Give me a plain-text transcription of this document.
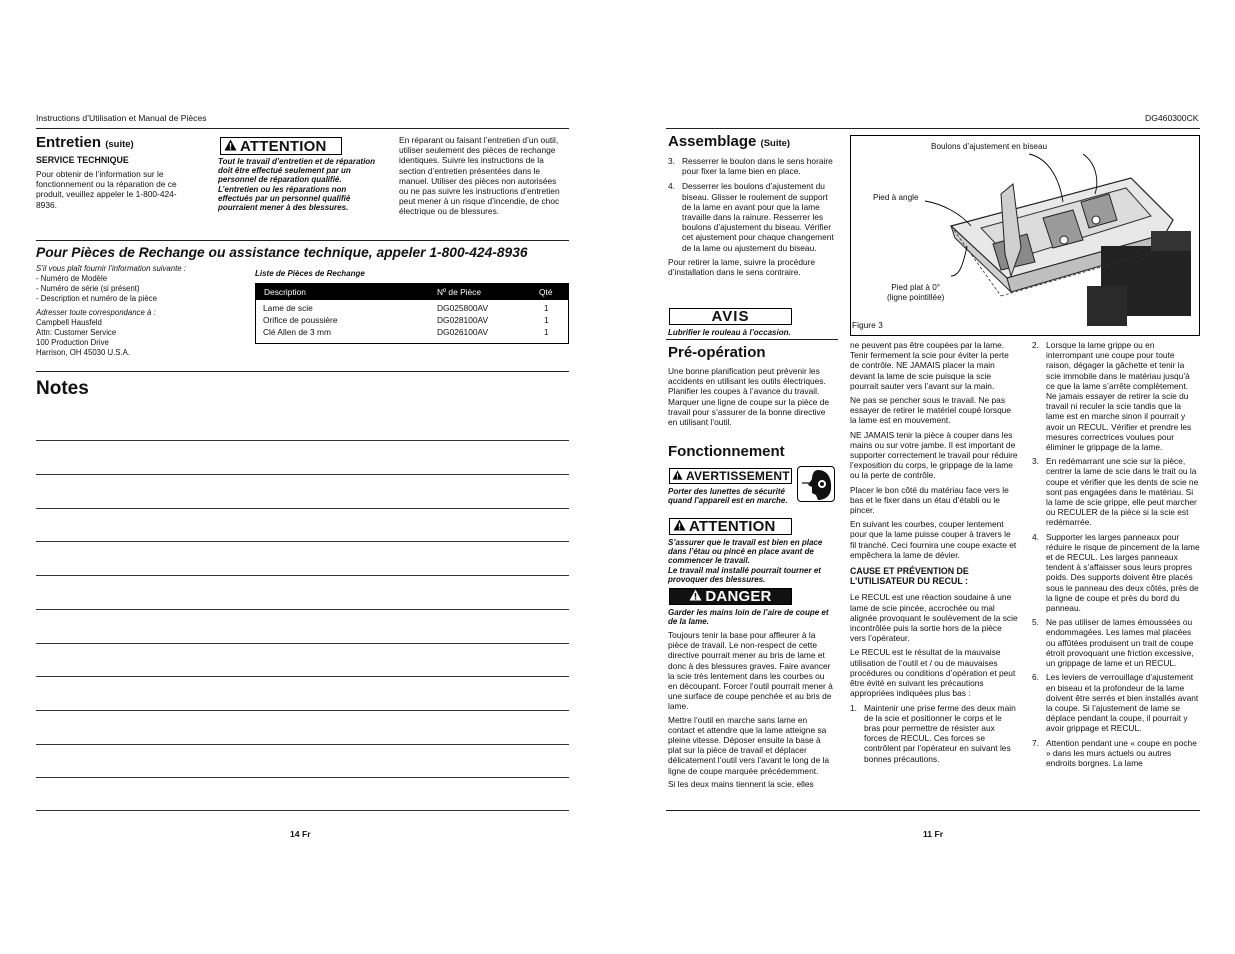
Instructions d’Utilisation et Manual de Pièces
Entretien (suite)
SERVICE TECHNIQUE
Pour obtenir de l’information sur le fonctionnement ou la réparation de ce produit, veuillez appeler le 1-800-424-8936.
ATTENTION
Tout le travail d’entretien et de réparation doit être effectué seulement par un personnel de réparation qualifié. L’entretien ou les réparations non effectués par un personnel qualifié pourraient mener à des blessures.
En réparant ou faisant l’entretien d’un outil, utiliser seulement des pièces de rechange identiques. Suivre les instructions de la section d’entretien présentées dans le manuel. Utiliser des pièces non autorisées ou ne pas suivre les instructions d’entretien peut mener à un risque d’incendie, de choc électrique ou de blessures.
Pour Pièces de Rechange ou assistance technique, appeler 1-800-424-8936
S’il vous plaît fournir l’information suivante :
- Numéro de Modèle
- Numéro de série (si présent)
- Description et numéro de la pièce
Adresser toute correspondance à :
Campbell Hausfeld
Attn: Customer Service
100 Production Drive
Harrison, OH 45030 U.S.A.
Liste de Pièces de Rechange
Description	Nº de Pièce	Qté
Lame de scie	DG025800AV	1
Orifice de poussière	DG028100AV	1
Clé Allen de 3 mm	DG026100AV	1
Notes
14 Fr
DG460300CK
Assemblage (Suite)
3. Resserrer le boulon dans le sens horaire pour fixer la lame bien en place.
4. Desserrer les boulons d’ajustement du biseau. Glisser le roulement de support de la lame en avant pour que la lame travaille dans la rainure. Resserrer les boulons d’ajustement du biseau. Vérifier cet ajustement pour chaque changement de la lame ou ajustement du biseau.

Pour retirer la lame, suivre la procédure d’installation dans le sens contraire.

AVIS
Lubrifier le rouleau à l’occasion.
Pré-opération
Une bonne planification peut prévenir les accidents en utilisant les outils électriques. Planifier les coupes à l’avance du travail. Marquer une ligne de coupe sur la pièce de travail pour s’assurer de la bonne directive en utilisant l’outil.
Fonctionnement
AVERTISSEMENT
Porter des lunettes de sécurité quand l’appareil est en marche.
ATTENTION
S’assurer que le travail est bien en place dans l’étau ou pincé en place avant de commencer le travail.
Le travail mal installé pourrait tourner et provoquer des blessures.
DANGER
Garder les mains loin de l’aire de coupe et de la lame.

Toujours tenir la base pour affleurer à la pièce de travail. Le non-respect de cette directive pourrait mener au bris de lame et donc à des blessures graves. Faire avancer la scie très lentement dans les courbes ou en découpant. Forcer l’outil pourrait mener à une surface de coupe penchée et au bris de lame.

Mettre l’outil en marche sans lame en contact et attendre que la lame atteigne sa pleine vitesse. Déposer ensuite la base à plat sur la pièce de travail et déplacer délicatement l’outil vers l’avant le long de la ligne de coupe marquée précédemment.

Si les deux mains tiennent la scie, elles

Boulons d’ajustement en biseau
Pied à angle
Pied plat à 0°
(ligne pointillée)
Figure 3

ne peuvent pas être coupées par la lame. Tenir fermement la scie pour éviter la perte de contrôle. NE JAMAIS placer la main devant la lame de scie puisque la scie pourrait sauter vers l’avant sur la main.

Ne pas se pencher sous le travail. Ne pas essayer de retirer le matériel coupé lorsque la lame est en mouvement.

NE JAMAIS tenir la pièce à couper dans les mains ou sur votre jambe. Il est important de supporter correctement le travail pour réduire l’exposition du corps, le grippage de la lame ou la perte de contrôle.

Placer le bon côté du matériau face vers le bas et le fixer dans un étau d’établi ou le pincer.

En suivant les courbes, couper lentement pour que la lame puisse couper à travers le fil tranché. Ceci fournira une coupe exacte et empêchera la lame de dévier.

CAUSE ET PRÉVENTION DE L’UTILISATEUR DU RECUL :

Le RECUL est une réaction soudaine à une lame de scie pincée, accrochée ou mal alignée provoquant le soulèvement de la scie incontrôlée puis la sortie hors de la pièce vers l’opérateur.

Le RECUL est le résultat de la mauvaise utilisation de l’outil et / ou de mauvaises procédures ou conditions d’opération et peut être évité en suivant les précautions appropriées indiquées plus bas :

1. Maintenir une prise ferme des deux main de la scie et positionner le corps et le bras pour permettre de résister aux forces de RECUL. Ces forces se contrôlent par l’opérateur en suivant les bonnes précautions.
2. Lorsque la lame grippe ou en interrompant une coupe pour toute raison, dégager la gâchette et tenir la scie immobile dans le matériau jusqu’à ce que la lame s’arrête complètement. Ne jamais essayer de retirer la scie du travail ni reculer la scie tandis que la lame est en marche sinon il pourrait y avoir un RECUL. Vérifier et prendre les mesures correctrices voulues pour éliminer le grippage de la lame.
3. En redémarrant une scie sur la pièce, centrer la lame de scie dans le trait ou la coupe et vérifier que les dents de scie ne sont pas engagées dans le matériau. Si la lame de scie grippe, elle peut marcher ou RECULER de la pièce si la scie est redémarrée.
4. Supporter les larges panneaux pour réduire le risque de pincement de la lame et de RECUL. Les larges panneaux tendent à s’affaisser sous leurs propres poids. Des supports doivent être placés sous le panneau des deux côtés, près de la ligne de coupe et près du bord du panneau.
5. Ne pas utiliser de lames émoussées ou endommagées. Les lames mal placées ou affûtées produisent un trait de coupe étroit provoquant une friction excessive, un grippage de lame et un RECUL.
6. Les leviers de verrouillage d’ajustement en biseau et la profondeur de la lame doivent être serrés et bien installés avant la coupe. Si l’ajustement de lame se déplace pendant la coupe, il pourrait y avoir grippage et RECUL.
7. Attention pendant une « coupe en poche » dans les murs actuels ou autres endroits borgnes. La lame
11 Fr
